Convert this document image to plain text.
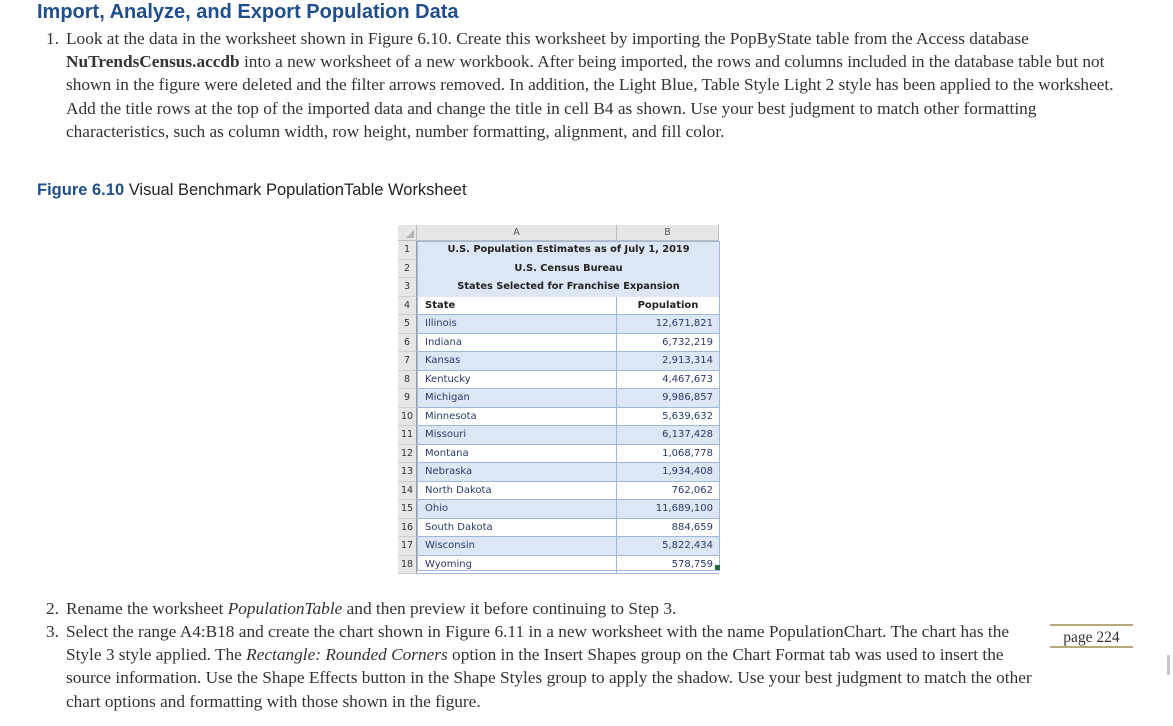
Import, Analyze, and Export Population Data
1. Look at the data in the worksheet shown in Figure 6.10. Create this worksheet by importing the PopByState table from the Access database NuTrendsCensus.accdb into a new worksheet of a new workbook. After being imported, the rows and columns included in the database table but not shown in the figure were deleted and the filter arrows removed. In addition, the Light Blue, Table Style Light 2 style has been applied to the worksheet. Add the title rows at the top of the imported data and change the title in cell B4 as shown. Use your best judgment to match other formatting characteristics, such as column width, row height, number formatting, alignment, and fill color.
Figure 6.10 Visual Benchmark PopulationTable Worksheet
A	B
1	U.S. Population Estimates as of July 1, 2019
2	U.S. Census Bureau
3	States Selected for Franchise Expansion
4	State	Population
5	Illinois	12,671,821
6	Indiana	6,732,219
7	Kansas	2,913,314
8	Kentucky	4,467,673
9	Michigan	9,986,857
10	Minnesota	5,639,632
11	Missouri	6,137,428
12	Montana	1,068,778
13	Nebraska	1,934,408
14	North Dakota	762,062
15	Ohio	11,689,100
16	South Dakota	884,659
17	Wisconsin	5,822,434
18	Wyoming	578,759
2. Rename the worksheet PopulationTable and then preview it before continuing to Step 3.
3. Select the range A4:B18 and create the chart shown in Figure 6.11 in a new worksheet with the name PopulationChart. The chart has the Style 3 style applied. The Rectangle: Rounded Corners option in the Insert Shapes group on the Chart Format tab was used to insert the source information. Use the Shape Effects button in the Shape Styles group to apply the shadow. Use your best judgment to match the other chart options and formatting with those shown in the figure.
page 224
